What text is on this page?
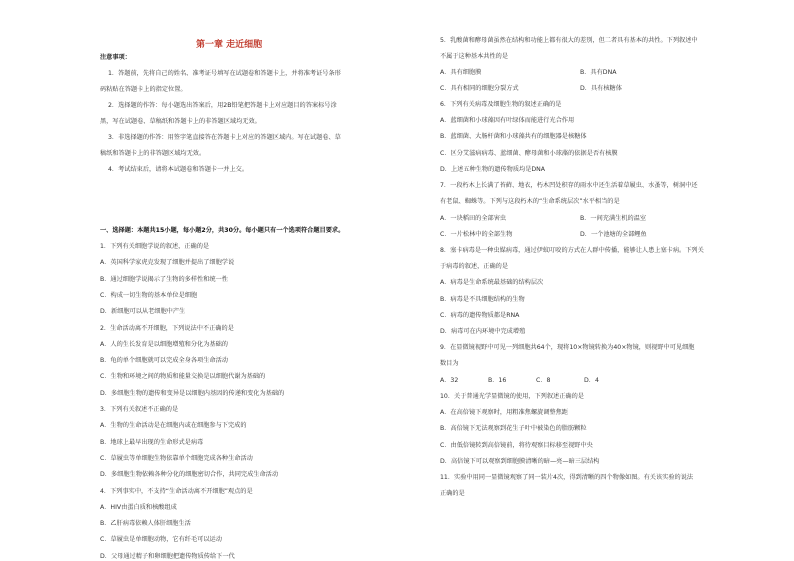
第一章 走近细胞
注意事项：
1．答题前，先将自己的姓名、准考证号填写在试题卷和答题卡上，并将准考证号条形
码粘贴在答题卡上的指定位置。
2．选择题的作答：每小题选出答案后，用2B铅笔把答题卡上对应题目的答案标号涂
黑，写在试题卷、草稿纸和答题卡上的非答题区域均无效。
3．非选择题的作答：用签字笔直接答在答题卡上对应的答题区域内。写在试题卷、草
稿纸和答题卡上的非答题区域均无效。
4．考试结束后，请将本试题卷和答题卡一并上交。
一、选择题：本题共15小题，每小题2分，共30分。每小题只有一个选项符合题目要求。
1．下列有关细胞学说的叙述，正确的是
A．英国科学家虎克发现了细胞并提出了细胞学说
B．通过细胞学说揭示了生物的多样性和统一性
C．构成一切生物的基本单位是细胞
D．新细胞可以从老细胞中产生
2．生命活动离不开细胞，下列说法中不正确的是
A．人的生长发育是以细胞增殖和分化为基础的
B．龟的单个细胞就可以完成全身各项生命活动
C．生物和环境之间的物质和能量交换是以细胞代谢为基础的
D．多细胞生物的遗传和变异是以细胞内基因的传递和变化为基础的
3．下列有关叙述不正确的是
A．生物的生命活动是在细胞内或在细胞参与下完成的
B．地球上最早出现的生命形式是病毒
C．草履虫等单细胞生物依靠单个细胞完成各种生命活动
D．多细胞生物依赖各种分化的细胞密切合作，共同完成生命活动
4．下列事实中，不支持“生命活动离不开细胞”观点的是
A．HIV由蛋白质和核酸组成
B．乙肝病毒依赖人体肝细胞生活
C．草履虫是单细胞动物，它有纤毛可以运动
D．父母通过精子和卵细胞把遗传物质传给下一代
5．乳酸菌和酵母菌虽然在结构和功能上都有很大的差别，但二者具有基本的共性。下列叙述中
不属于这种基本共性的是
A．具有细胞膜	B．具有DNA
C．具有相同的细胞分裂方式	D．具有核糖体
6．下列有关病毒及细胞生物的叙述正确的是
A．蓝细菌和小球藻因有叶绿体而能进行光合作用
B．蓝细菌、大肠杆菌和小球藻共有的细胞器是核糖体
C．区分艾滋病病毒、蓝细菌、酵母菌和小球藻的依据是否有核膜
D．上述五种生物的遗传物质均是DNA
7．一段朽木上长满了苔藓、地衣，朽木凹处积存的雨水中还生活着草履虫、水蚤等，树洞中还
有老鼠、蜘蛛等。下列与这段朽木的“生命系统层次”水平相当的是
A．一块稻田的全部害虫	B．一间充满生机的温室
C．一片松林中的全部生物	D．一个池塘的全部鲤鱼
8．塞卡病毒是一种虫媒病毒，通过伊蚊叮咬的方式在人群中传播，能够让人患上塞卡病。下列关
于病毒的叙述，正确的是
A．病毒是生命系统最基础的结构层次
B．病毒是不具细胞结构的生物
C．病毒的遗传物质都是RNA
D．病毒可在内环境中完成增殖
9．在显微镜视野中可见一列细胞共64个，现将10×物镜转换为40×物镜，则视野中可见细胞
数目为
A．32	B．16	C．8	D．4
10．关于普通光学显微镜的使用，下列叙述正确的是
A．在高倍镜下观察时，用粗准焦螺旋调整焦距
B．高倍镜下无法观察到花生子叶中被染色的脂肪颗粒
C．由低倍镜转到高倍镜前，将待观察目标移至视野中央
D．高倍镜下可以观察到细胞膜清晰的暗—亮—暗三层结构
11．实验中用同一显微镜观察了同一装片4次，得到清晰的四个物像如图。有关该实验的说法
正确的是
